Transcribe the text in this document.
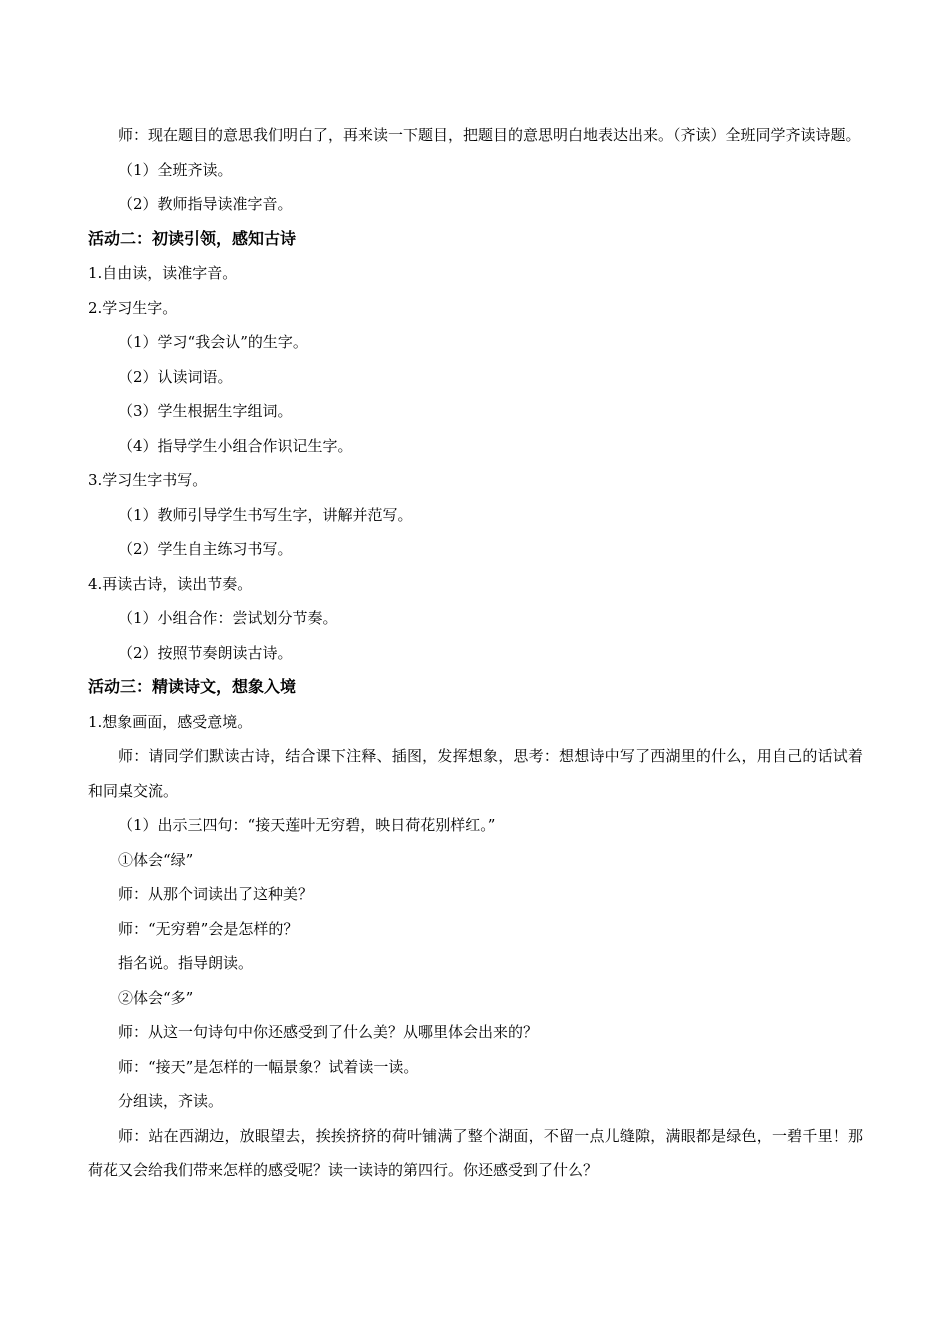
师：现在题目的意思我们明白了，再来读一下题目，把题目的意思明白地表达出来。（齐读）全班同学齐读诗题。

（1）全班齐读。

（2）教师指导读准字音。

活动二：初读引领，感知古诗

1.自由读，读准字音。

2.学习生字。

（1）学习“我会认”的生字。

（2）认读词语。

（3）学生根据生字组词。

（4）指导学生小组合作识记生字。

3.学习生字书写。

（1）教师引导学生书写生字，讲解并范写。

（2）学生自主练习书写。

4.再读古诗，读出节奏。

（1）小组合作：尝试划分节奏。

（2）按照节奏朗读古诗。

活动三：精读诗文，想象入境

1.想象画面，感受意境。

师：请同学们默读古诗，结合课下注释、插图，发挥想象，思考：想想诗中写了西湖里的什么，用自己的话试着和同桌交流。

（1）出示三四句：“接天莲叶无穷碧，映日荷花别样红。”

①体会“绿”

师：从那个词读出了这种美？

师：“无穷碧”会是怎样的？

指名说。指导朗读。

②体会“多”

师：从这一句诗句中你还感受到了什么美？从哪里体会出来的？

师：“接天”是怎样的一幅景象？试着读一读。

分组读，齐读。

师：站在西湖边，放眼望去，挨挨挤挤的荷叶铺满了整个湖面，不留一点儿缝隙，满眼都是绿色，一碧千里！那荷花又会给我们带来怎样的感受呢？读一读诗的第四行。你还感受到了什么？
